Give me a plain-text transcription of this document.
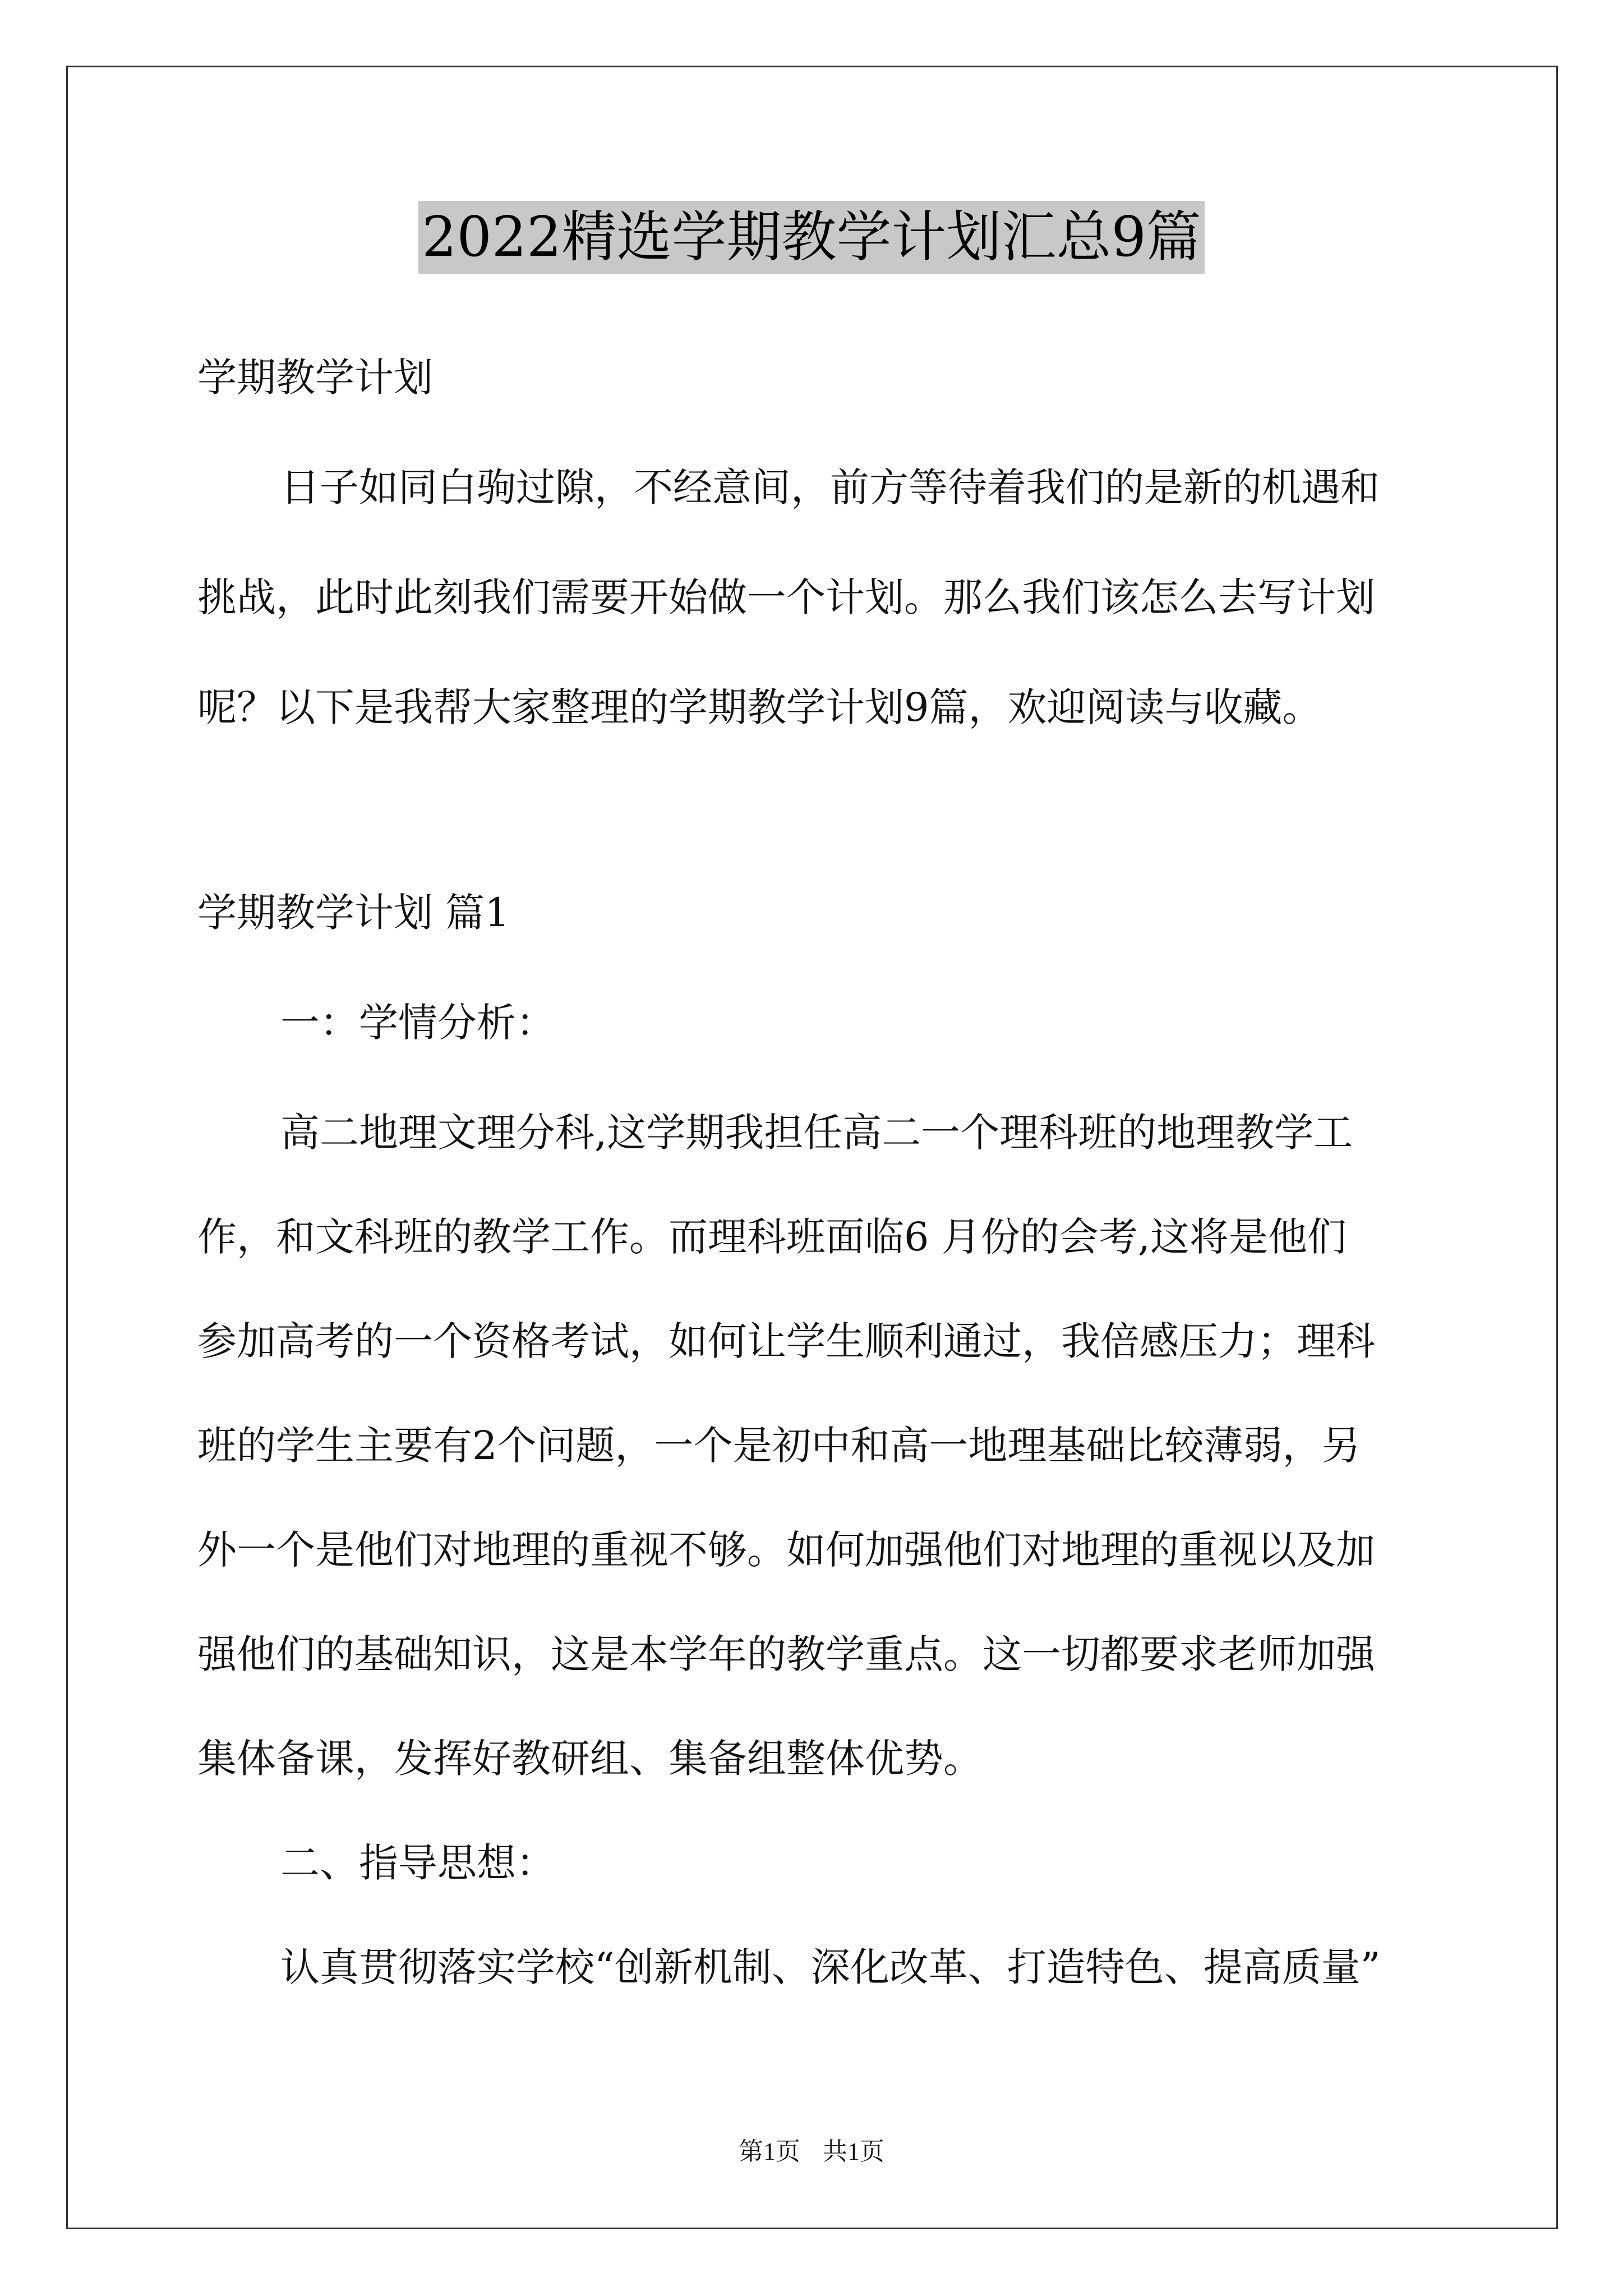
2022精选学期教学计划汇总9篇
学期教学计划
日子如同白驹过隙，不经意间，前方等待着我们的是新的机遇和
挑战，此时此刻我们需要开始做一个计划。那么我们该怎么去写计划
呢？以下是我帮大家整理的学期教学计划9篇，欢迎阅读与收藏。
学期教学计划 篇1
一：学情分析：
高二地理文理分科,这学期我担任高二一个理科班的地理教学工
作，和文科班的教学工作。而理科班面临6 月份的会考,这将是他们
参加高考的一个资格考试，如何让学生顺利通过，我倍感压力；理科
班的学生主要有2个问题，一个是初中和高一地理基础比较薄弱，另
外一个是他们对地理的重视不够。如何加强他们对地理的重视以及加
强他们的基础知识，这是本学年的教学重点。这一切都要求老师加强
集体备课，发挥好教研组、集备组整体优势。
二、指导思想：
认真贯彻落实学校“创新机制、深化改革、打造特色、提高质量”
第1页 共1页
